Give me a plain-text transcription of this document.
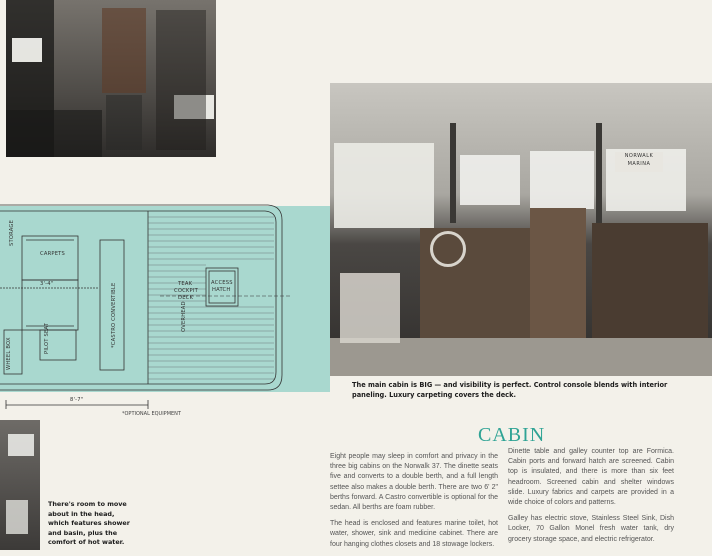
STORAGE
CARPETS
3'-4"
WHEEL BOX	PILOT SEAT	*CASTRO CONVERTIBLE	TEAK
COCKPIT
DECK
ACCESS
HATCH
OVERHEAD
8'-7"
*OPTIONAL EQUIPMENT
NORWALK
MARINA
The main cabin is BIG — and visibility is perfect. Control console blends with interior paneling. Luxury carpeting covers the deck.
There's room to move about in the head, which features shower and basin, plus the comfort of hot water.
CABIN

Eight people may sleep in comfort and privacy in the three big cabins on the Norwalk 37. The dinette seats five and converts to a double berth, and a full length settee also makes a double berth. There are two 6' 2" berths forward. A Castro convertible is optional for the sedan. All berths are foam rubber.

The head is enclosed and features marine toilet, hot water, shower, sink and medicine cabinet. There are four hanging clothes closets and 18 stowage lockers.

Dinette table and galley counter top are Formica. Cabin ports and forward hatch are screened. Cabin top is insulated, and there is more than six feet headroom. Screened cabin and shelter windows slide. Luxury fabrics and carpets are provided in a wide choice of colors and patterns.

Galley has electric stove, Stainless Steel Sink, Dish Locker, 70 Gallon Monel fresh water tank, dry grocery storage space, and electric refrigerator.
